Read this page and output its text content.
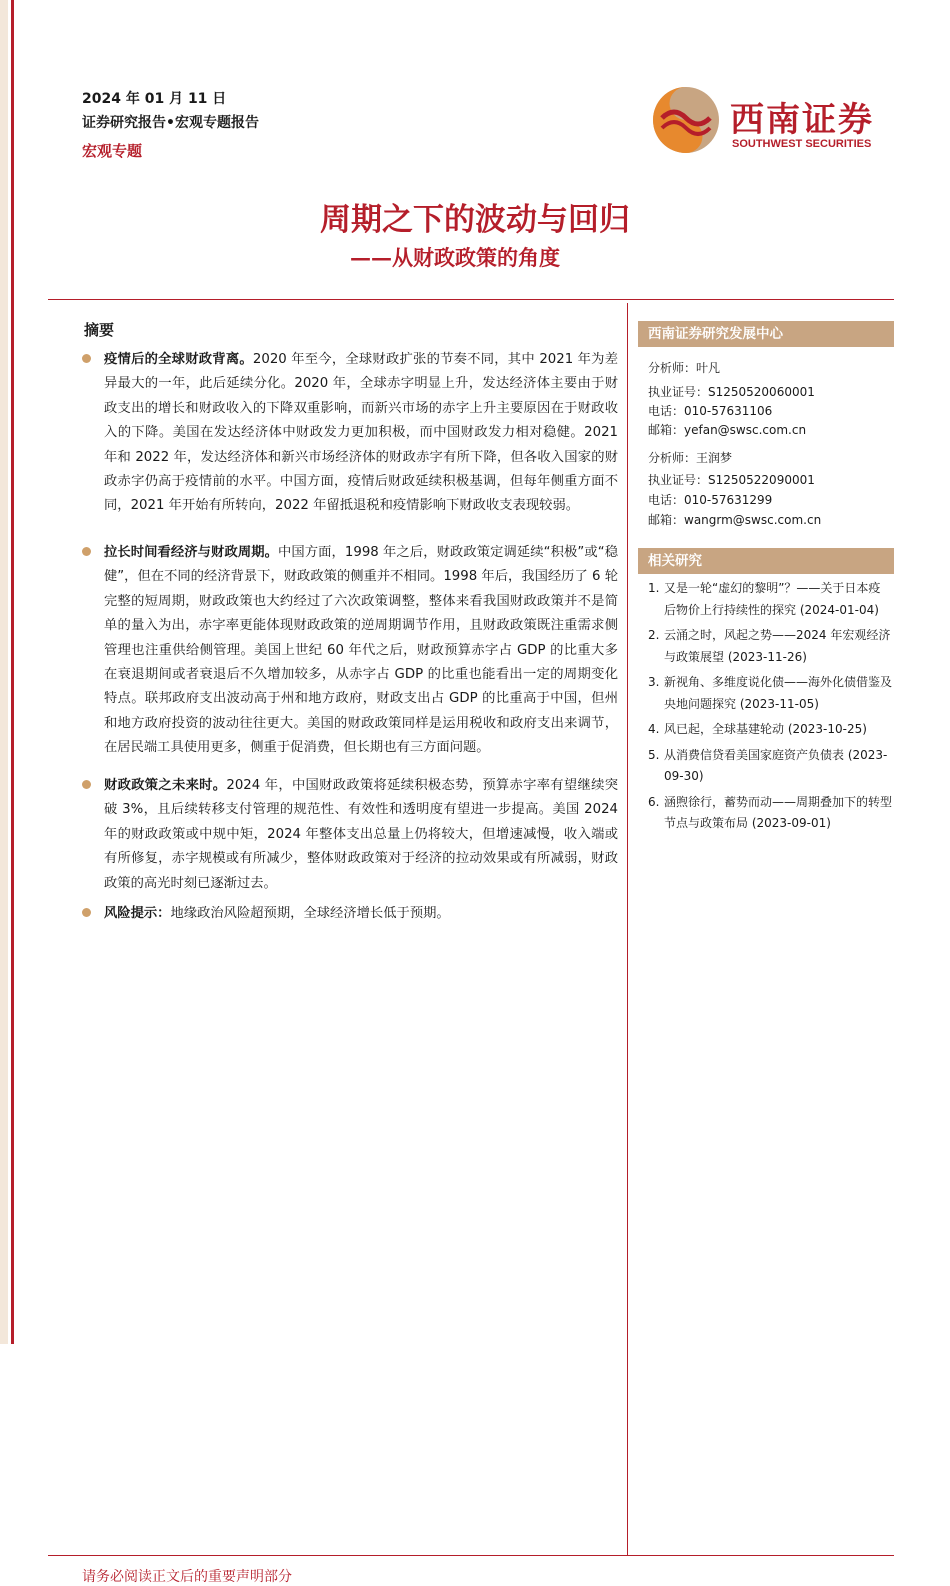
2024 年 01 月 11 日
证券研究报告•宏观专题报告
宏观专题
西南证券
SOUTHWEST SECURITIES
周期之下的波动与回归
——从财政政策的角度
摘要
疫情后的全球财政背离。2020 年至今，全球财政扩张的节奏不同，其中 2021 年为差异最大的一年，此后延续分化。2020 年，全球赤字明显上升，发达经济体主要由于财政支出的增长和财政收入的下降双重影响，而新兴市场的赤字上升主要原因在于财政收入的下降。美国在发达经济体中财政发力更加积极，而中国财政发力相对稳健。2021 年和 2022 年，发达经济体和新兴市场经济体的财政赤字有所下降，但各收入国家的财政赤字仍高于疫情前的水平。中国方面，疫情后财政延续积极基调，但每年侧重方面不同，2021 年开始有所转向，2022 年留抵退税和疫情影响下财政收支表现较弱。
拉长时间看经济与财政周期。中国方面，1998 年之后，财政政策定调延续“积极”或“稳健”，但在不同的经济背景下，财政政策的侧重并不相同。1998 年后，我国经历了 6 轮完整的短周期，财政政策也大约经过了六次政策调整，整体来看我国财政政策并不是简单的量入为出，赤字率更能体现财政政策的逆周期调节作用，且财政政策既注重需求侧管理也注重供给侧管理。美国上世纪 60 年代之后，财政预算赤字占 GDP 的比重大多在衰退期间或者衰退后不久增加较多，从赤字占 GDP 的比重也能看出一定的周期变化特点。联邦政府支出波动高于州和地方政府，财政支出占 GDP 的比重高于中国，但州和地方政府投资的波动往往更大。美国的财政政策同样是运用税收和政府支出来调节，在居民端工具使用更多，侧重于促消费，但长期也有三方面问题。
财政政策之未来时。2024 年，中国财政政策将延续积极态势，预算赤字率有望继续突破 3%，且后续转移支付管理的规范性、有效性和透明度有望进一步提高。美国 2024 年的财政政策或中规中矩，2024 年整体支出总量上仍将较大，但增速减慢，收入端或有所修复，赤字规模或有所减少，整体财政政策对于经济的拉动效果或有所减弱，财政政策的高光时刻已逐渐过去。
风险提示：地缘政治风险超预期，全球经济增长低于预期。
西南证券研究发展中心
分析师：叶凡
执业证号：S1250520060001
电话：010-57631106
邮箱：yefan@swsc.com.cn
分析师：王润梦
执业证号：S1250522090001
电话：010-57631299
邮箱：wangrm@swsc.com.cn
相关研究
1. 又是一轮“虚幻的黎明”？——关于日本疫后物价上行持续性的探究 (2024-01-04)
2. 云涌之时，风起之势——2024 年宏观经济与政策展望 (2023-11-26)
3. 新视角、多维度说化债——海外化债借鉴及央地问题探究 (2023-11-05)
4. 风已起，全球基建轮动 (2023-10-25)
5. 从消费信贷看美国家庭资产负债表 (2023-09-30)
6. 涵煦徐行，蓄势而动——周期叠加下的转型节点与政策布局 (2023-09-01)
请务必阅读正文后的重要声明部分
